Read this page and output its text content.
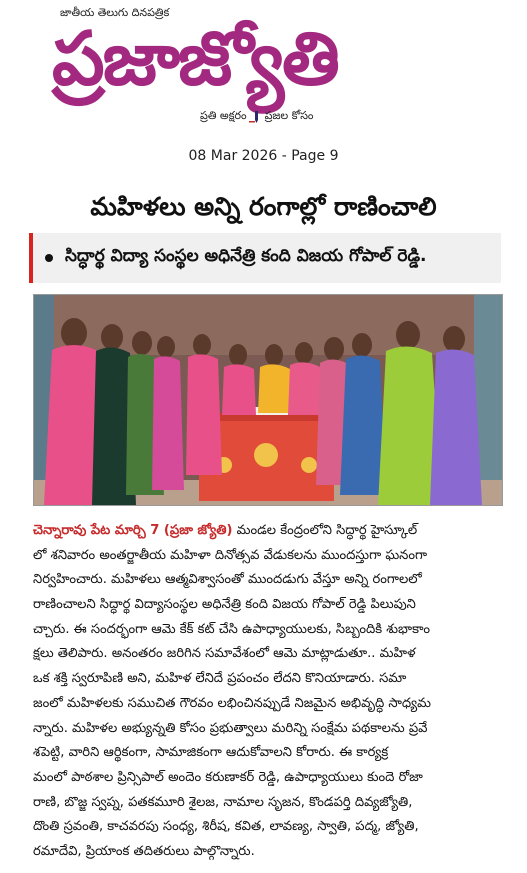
జాతీయ తెలుగు దినపత్రిక
ప్రజాజ్యోతి
ప్రతి అక్షరం ప్రజల కోసం
08 Mar 2026 - Page 9
మహిళలు అన్ని రంగాల్లో రాణించాలి
సిద్ధార్థ విద్యా సంస్థల అధినేత్రి కంది విజయ గోపాల్ రెడ్డి.
చెన్నారావు పేట మార్చి 7 (ప్రజా జ్యోతి) మండల కేంద్రంలోని సిద్ధార్థ హైస్కూల్
లో శనివారం అంతర్జాతీయ మహిళా దినోత్సవ వేడుకలను ముందస్తుగా ఘనంగా
నిర్వహించారు. మహిళలు ఆత్మవిశ్వాసంతో ముందడుగు వేస్తూ అన్ని రంగాలలో
రాణించాలని సిద్ధార్థ విద్యాసంస్థల అధినేత్రి కంది విజయ గోపాల్ రెడ్డి పిలుపుని
చ్చారు. ఈ సందర్భంగా ఆమె కేక్ కట్ చేసి ఉపాధ్యాయులకు, సిబ్బందికి శుభాకాం
క్షలు తెలిపారు. అనంతరం జరిగిన సమావేశంలో ఆమె మాట్లాడుతూ.. మహిళ
ఒక శక్తి స్వరూపిణి అని, మహిళ లేనిదే ప్రపంచం లేదని కొనియాడారు. సమా
జంలో మహిళలకు సముచిత గౌరవం లభించినప్పుడే నిజమైన అభివృద్ధి సాధ్యమ
న్నారు. మహిళల అభ్యున్నతి కోసం ప్రభుత్వాలు మరిన్ని సంక్షేమ పథకాలను ప్రవే
శపెట్టి, వారిని ఆర్థికంగా, సామాజికంగా ఆదుకోవాలని కోరారు. ఈ కార్యక్ర
మంలో పాఠశాల ప్రిన్సిపాల్ అందెం కరుణాకర్ రెడ్డి, ఉపాధ్యాయులు కుందె రోజా
రాణి, బొజ్జ స్వప్న, పతకమూరి శైలజ, నామాల సృజన, కొండపర్తి దివ్యజ్యోతి,
దొంతి స్రవంతి, కాచవరపు సంధ్య, శిరీష, కవిత, లావణ్య, స్వాతి, పద్మ, జ్యోతి,
రమాదేవి, ప్రియాంక తదితరులు పాల్గొన్నారు.
